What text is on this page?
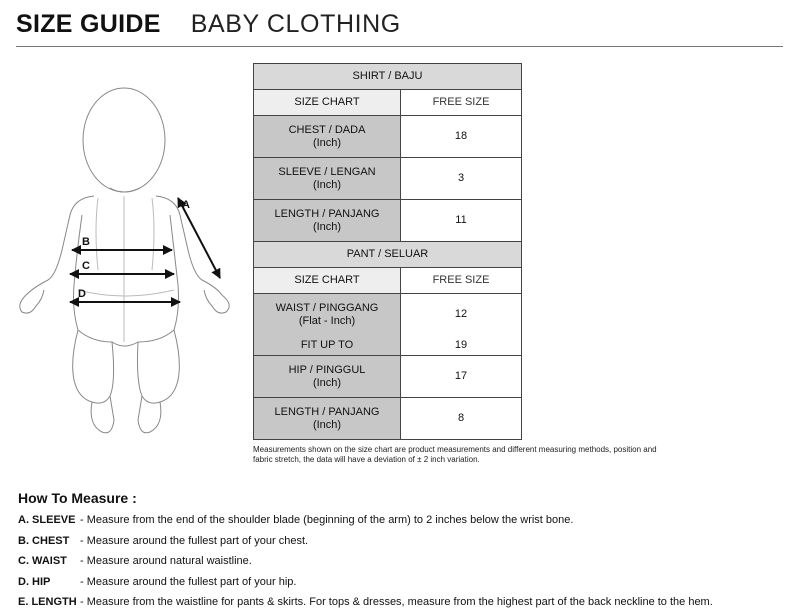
SIZE GUIDE BABY CLOTHING
B
C
D
A
SHIRT / BAJU	
SIZE CHART	FREE SIZE

CHEST / DADA
(Inch)	18

SLEEVE / LENGAN
(Inch)	3

LENGTH / PANJANG
(Inch)	11
PANT / SELUAR	
SIZE CHART	FREE SIZE

WAIST / PINGGANG
(Flat - Inch)	12
FIT UP TO	19

HIP / PINGGUL
(Inch)	17

LENGTH / PANJANG
(Inch)	8
Measurements shown on the size chart are product measurements and different measuring methods, position and fabric stretch, the data will have a deviation of ± 2 inch variation.
How To Measure :
A. SLEEVE - Measure from the end of the shoulder blade (beginning of the arm) to 2 inches below the wrist bone.
B. CHEST - Measure around the fullest part of your chest.
C. WAIST	- Measure around natural waistline.
D. HIP	- Measure around the fullest part of your hip.
E. LENGTH - Measure from the waistline for pants & skirts. For tops & dresses, measure from the highest part of the back neckline to the hem.
